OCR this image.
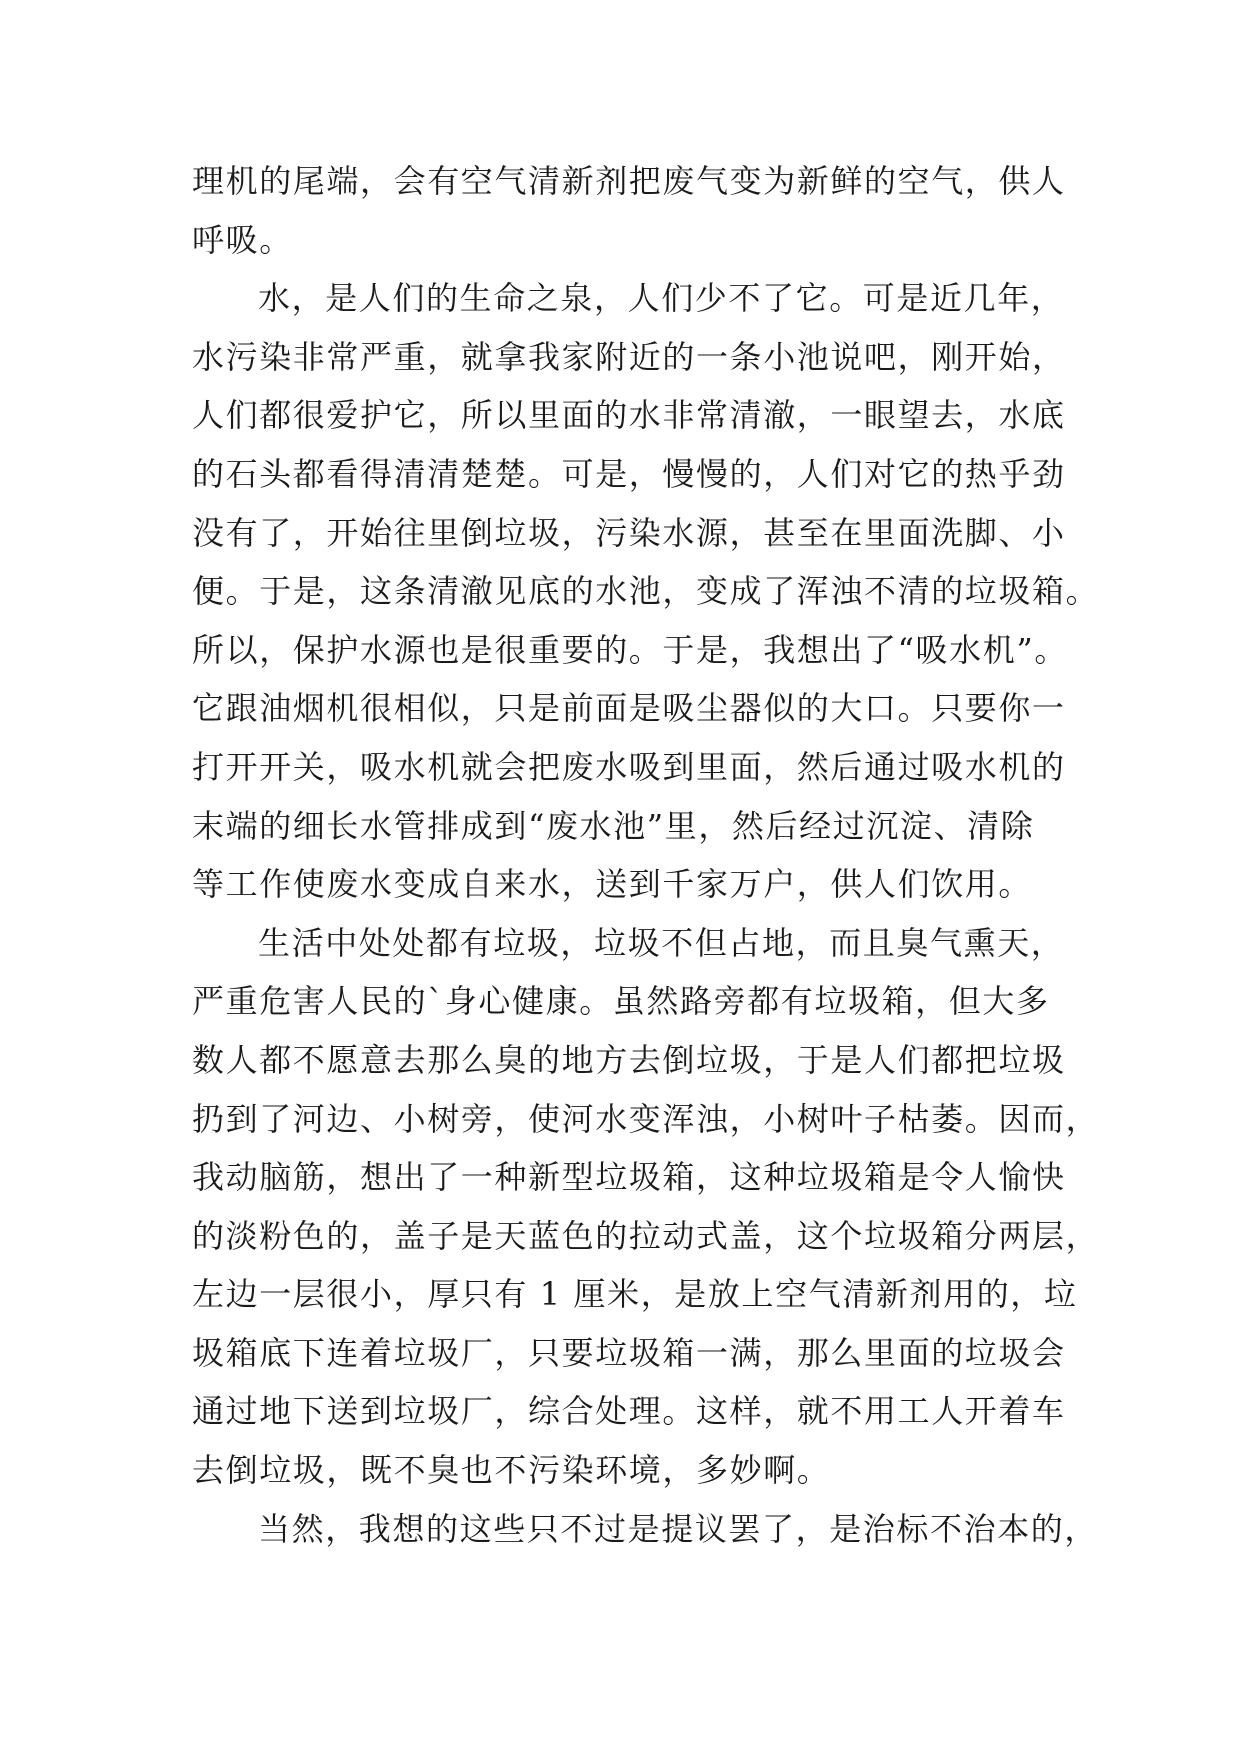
理机的尾端，会有空气清新剂把废气变为新鲜的空气，供人
呼吸。
水，是人们的生命之泉，人们少不了它。可是近几年，
水污染非常严重，就拿我家附近的一条小池说吧，刚开始，
人们都很爱护它，所以里面的水非常清澈，一眼望去，水底
的石头都看得清清楚楚。可是，慢慢的，人们对它的热乎劲
没有了，开始往里倒垃圾，污染水源，甚至在里面洗脚、小
便。于是，这条清澈见底的水池，变成了浑浊不清的垃圾箱。
所以，保护水源也是很重要的。于是，我想出了“吸水机”。
它跟油烟机很相似，只是前面是吸尘器似的大口。只要你一
打开开关，吸水机就会把废水吸到里面，然后通过吸水机的
末端的细长水管排成到“废水池”里，然后经过沉淀、清除
等工作使废水变成自来水，送到千家万户，供人们饮用。
生活中处处都有垃圾，垃圾不但占地，而且臭气熏天，
严重危害人民的`身心健康。虽然路旁都有垃圾箱，但大多
数人都不愿意去那么臭的地方去倒垃圾，于是人们都把垃圾
扔到了河边、小树旁，使河水变浑浊，小树叶子枯萎。因而，
我动脑筋，想出了一种新型垃圾箱，这种垃圾箱是令人愉快
的淡粉色的，盖子是天蓝色的拉动式盖，这个垃圾箱分两层，
左边一层很小，厚只有 1 厘米，是放上空气清新剂用的，垃
圾箱底下连着垃圾厂，只要垃圾箱一满，那么里面的垃圾会
通过地下送到垃圾厂，综合处理。这样，就不用工人开着车
去倒垃圾，既不臭也不污染环境，多妙啊。
当然，我想的这些只不过是提议罢了，是治标不治本的，
